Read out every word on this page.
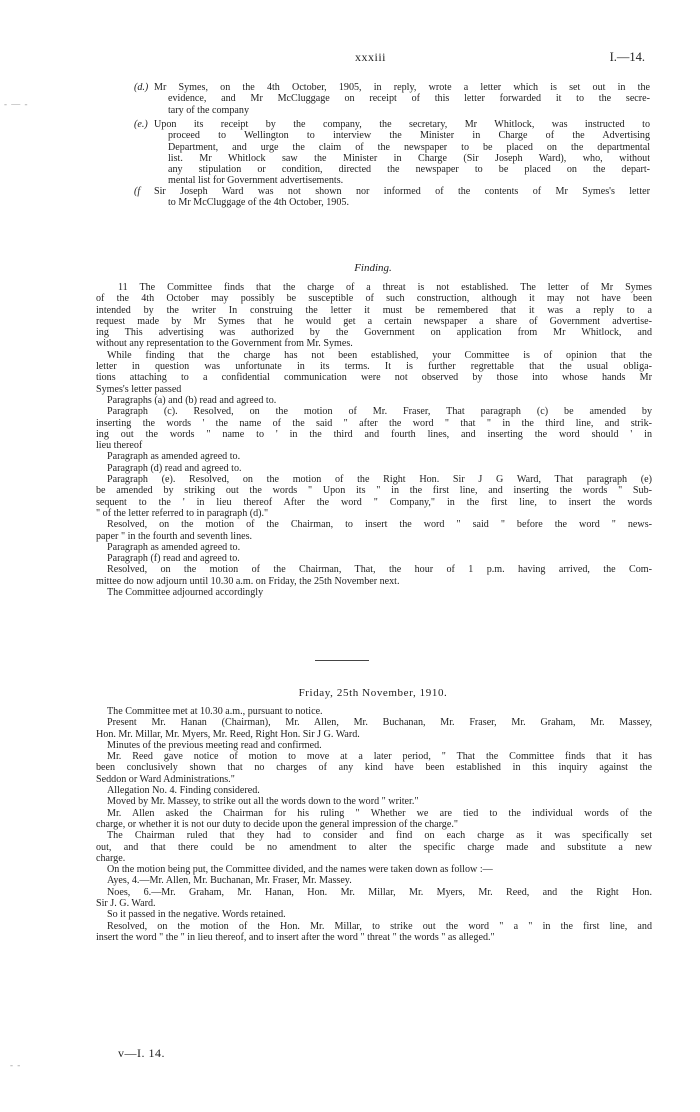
xxxiii	I.—14.
- — -
- -
(d.) Mr Symes, on the 4th October, 1905, in reply, wrote a letter which is set out in the
evidence, and Mr McCluggage on receipt of this letter forwarded it to the secre-
tary of the company
(e.) Upon its receipt by the company, the secretary, Mr Whitlock, was instructed to
proceed to Wellington to interview the Minister in Charge of the Advertising
Department, and urge the claim of the newspaper to be placed on the departmental
list. Mr Whitlock saw the Minister in Charge (Sir Joseph Ward), who, without
any stipulation or condition, directed the newspaper to be placed on the depart-
mental list for Government advertisements.
(f Sir Joseph Ward was not shown nor informed of the contents of Mr Symes's letter
to Mr McCluggage of the 4th October, 1905.
Finding.
11 The Committee finds that the charge of a threat is not established. The letter of Mr Symes
of the 4th October may possibly be susceptible of such construction, although it may not have been
intended by the writer In construing the letter it must be remembered that it was a reply to a
request made by Mr Symes that he would get a certain newspaper a share of Government advertise-
ing This advertising was authorized by the Government on application from Mr Whitlock, and
without any representation to the Government from Mr. Symes.
While finding that the charge has not been established, your Committee is of opinion that the
letter in question was unfortunate in its terms. It is further regrettable that the usual obliga-
tions attaching to a confidential communication were not observed by those into whose hands Mr
Symes's letter passed
Paragraphs (a) and (b) read and agreed to.
Paragraph (c). Resolved, on the motion of Mr. Fraser, That paragraph (c) be amended by
inserting the words ' the name of the said " after the word " that " in the third line, and strik-
ing out the words " name to ' in the third and fourth lines, and inserting the word should ' in
lieu thereof
Paragraph as amended agreed to.
Paragraph (d) read and agreed to.
Paragraph (e). Resolved, on the motion of the Right Hon. Sir J G Ward, That paragraph (e)
be amended by striking out the words " Upon its " in the first line, and inserting the words " Sub-
sequent to the ' in lieu thereof After the word " Company," in the first line, to insert the words
" of the letter referred to in paragraph (d)."
Resolved, on the motion of the Chairman, to insert the word " said " before the word " news-
paper " in the fourth and seventh lines.
Paragraph as amended agreed to.
Paragraph (f) read and agreed to.
Resolved, on the motion of the Chairman, That, the hour of 1 p.m. having arrived, the Com-
mittee do now adjourn until 10.30 a.m. on Friday, the 25th November next.
The Committee adjourned accordingly
Friday, 25th November, 1910.
The Committee met at 10.30 a.m., pursuant to notice.
Present Mr. Hanan (Chairman), Mr. Allen, Mr. Buchanan, Mr. Fraser, Mr. Graham, Mr. Massey,
Hon. Mr. Millar, Mr. Myers, Mr. Reed, Right Hon. Sir J G. Ward.
Minutes of the previous meeting read and confirmed.
Mr. Reed gave notice of motion to move at a later period, " That the Committee finds that it has
been conclusively shown that no charges of any kind have been established in this inquiry against the
Seddon or Ward Administrations."
Allegation No. 4. Finding considered.
Moved by Mr. Massey, to strike out all the words down to the word " writer."
Mr. Allen asked the Chairman for his ruling " Whether we are tied to the individual words of the
charge, or whether it is not our duty to decide upon the general impression of the charge."
The Chairman ruled that they had to consider and find on each charge as it was specifically set
out, and that there could be no amendment to alter the specific charge made and substitute a new
charge.
On the motion being put, the Committee divided, and the names were taken down as follow :—
Ayes, 4.—Mr. Allen, Mr. Buchanan, Mr. Fraser, Mr. Massey.
Noes, 6.—Mr. Graham, Mr. Hanan, Hon. Mr. Millar, Mr. Myers, Mr. Reed, and the Right Hon.
Sir J. G. Ward.
So it passed in the negative. Words retained.
Resolved, on the motion of the Hon. Mr. Millar, to strike out the word " a " in the first line, and
insert the word " the " in lieu thereof, and to insert after the word " threat " the words " as alleged."
v—I. 14.
